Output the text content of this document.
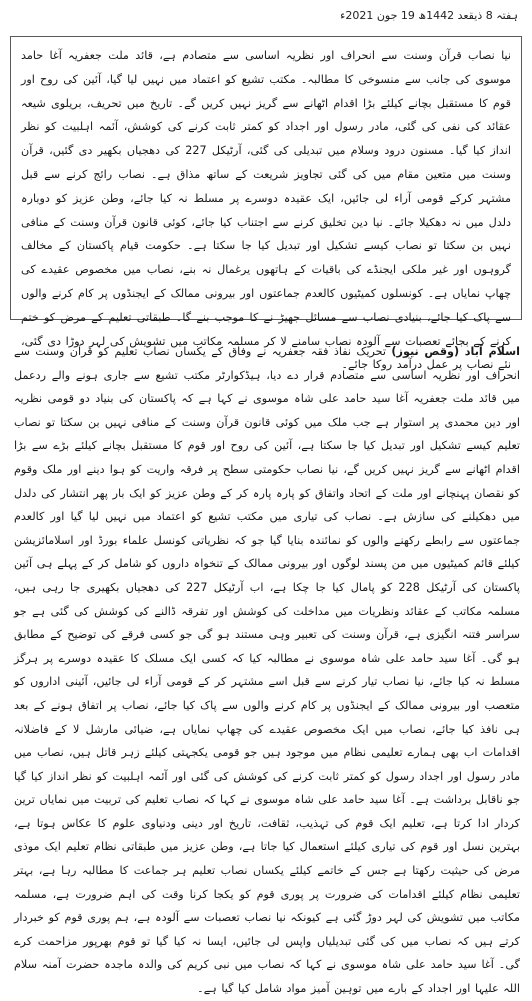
ہفتہ 8 ذیقعد 1442ھ 19 جون 2021ء

نیا نصاب قرآن وسنت سے انحراف اور نظریہ اساسی سے متصادم ہے، قائد ملت جعفریہ آغا حامد موسوی کی جانب سے منسوخی کا مطالبہ۔ مکتب تشیع کو اعتماد میں نہیں لیا گیا، آئین کی روح اور قوم کا مستقبل بچانے کیلئے بڑا اقدام اٹھانے سے گریز نہیں کریں گے۔ تاریخ میں تحریف، بریلوی شیعہ عقائد کی نفی کی گئی، مادر رسول اور اجداد کو کمتر ثابت کرنے کی کوشش، آئمہ اہلبیت کو نظر انداز کیا گیا۔ مسنون درود وسلام میں تبدیلی کی گئی، آرٹیکل 227 کی دھجیاں بکھیر دی گئیں، قرآن وسنت میں متعین مقام میں کی گئی تجاویز شریعت کے ساتھ مذاق ہے۔ نصاب رائج کرنے سے قبل مشتہر کرکے قومی آراء لی جائیں، ایک عقیدہ دوسرے پر مسلط نہ کیا جائے، وطن عزیز کو دوبارہ دلدل میں نہ دھکیلا جائے۔ نیا دین تخلیق کرنے سے اجتناب کیا جائے، کوئی قانون قرآن وسنت کے منافی نہیں بن سکتا تو نصاب کیسے تشکیل اور تبدیل کیا جا سکتا ہے۔ حکومت قیام پاکستان کے مخالف گروہوں اور غیر ملکی ایجنڈے کی باقیات کے ہاتھوں یرغمال نہ بنے، نصاب میں مخصوص عقیدے کی چھاپ نمایاں ہے۔ کونسلوں کمیٹیوں کالعدم جماعتوں اور بیرونی ممالک کے ایجنڈوں پر کام کرنے والوں سے پاک کیا جائے، بنیادی نصاب سے مسائل جھیڑ نے کا موجب بنے گا۔ طبقاتی تعلیم کے مرض کو ختم کرنے کے بجائے تعصبات سے آلودہ نصاب سامنے لا کر مسلمہ مکاتب میں تشویش کی لہر دوڑا دی گئی، نئے نصاب پر عمل درآمد روکا جائے۔

اسلام آباد (وقص نیوز) تحریک نفاذ فقہ جعفریہ نے وفاق کے یکساں نصاب تعلیم کو قرآن وسنت سے انحراف اور نظریہ اساسی سے متصادم قرار دے دیا، ہیڈکوارٹر مکتب تشیع سے جاری ہونے والے ردعمل میں قائد ملت جعفریہ آغا سید حامد علی شاہ موسوی نے کہا ہے کہ پاکستان کی بنیاد دو قومی نظریہ اور دین محمدی پر استوار ہے جب ملک میں کوئی قانون قرآن وسنت کے منافی نہیں بن سکتا تو نصاب تعلیم کیسے تشکیل اور تبدیل کیا جا سکتا ہے، آئین کی روح اور قوم کا مستقبل بچانے کیلئے بڑے سے بڑا اقدام اٹھانے سے گریز نہیں کریں گے، نیا نصاب حکومتی سطح پر فرقہ واریت کو ہوا دینے اور ملک وقوم کو نقصان پہنچانے اور ملت کے اتحاد واتفاق کو پارہ پارہ کر کے وطن عزیز کو ایک بار پھر انتشار کی دلدل میں دھکیلنے کی سازش ہے۔ نصاب کی تیاری میں مکتب تشیع کو اعتماد میں نہیں لیا گیا اور کالعدم جماعتوں سے رابطے رکھنے والوں کو نمائندہ بنایا گیا جو کہ نظریاتی کونسل علماء بورڈ اور اسلامائزیشن کیلئے قائم کمیٹیوں میں من پسند لوگوں اور بیرونی ممالک کے تنخواہ داروں کو شامل کر کے پہلے ہی آئین پاکستان کی آرٹیکل 228 کو پامال کیا جا چکا ہے، اب آرٹیکل 227 کی دھجیاں بکھیری جا رہی ہیں، مسلمہ مکاتب کے عقائد ونظریات میں مداخلت کی کوشش اور تفرقہ ڈالنے کی کوشش کی گئی ہے جو سراسر فتنہ انگیزی ہے، قرآن وسنت کی تعبیر وہی مستند ہو گی جو کسی فرقے کی توضیح کے مطابق ہو گی۔ آغا سید حامد علی شاہ موسوی نے مطالبہ کیا کہ کسی ایک مسلک کا عقیدہ دوسرے پر ہرگز مسلط نہ کیا جائے، نیا نصاب تیار کرنے سے قبل اسے مشتہر کر کے قومی آراء لی جائیں، آئینی اداروں کو متعصب اور بیرونی ممالک کے ایجنڈوں پر کام کرنے والوں سے پاک کیا جائے، نصاب پر اتفاق ہونے کے بعد ہی نافذ کیا جائے، نصاب میں ایک مخصوص عقیدے کی چھاپ نمایاں ہے، ضیائی مارشل لا کے فاضلانہ اقدامات اب بھی ہمارے تعلیمی نظام میں موجود ہیں جو قومی یکجہتی کیلئے زہر قاتل ہیں، نصاب میں مادر رسول اور اجداد رسول کو کمتر ثابت کرنے کی کوشش کی گئی اور آئمہ اہلبیت کو نظر انداز کیا گیا جو ناقابل برداشت ہے۔ آغا سید حامد علی شاہ موسوی نے کہا کہ نصاب تعلیم کی تربیت میں نمایاں ترین کردار ادا کرتا ہے، تعلیم ایک قوم کی تہذیب، ثقافت، تاریخ اور دینی ودنیاوی علوم کا عکاس ہوتا ہے، بہترین نسل اور قوم کی تیاری کیلئے استعمال کیا جاتا ہے، وطن عزیز میں طبقاتی نظام تعلیم ایک موذی مرض کی حیثیت رکھتا ہے جس کے خاتمے کیلئے یکساں نصاب تعلیم ہر جماعت کا مطالبہ رہا ہے، بہتر تعلیمی نظام کیلئے اقدامات کی ضرورت پر پوری قوم کو یکجا کرنا وقت کی اہم ضرورت ہے، مسلمہ مکاتب میں تشویش کی لہر دوڑ گئی ہے کیونکہ نیا نصاب تعصبات سے آلودہ ہے، ہم پوری قوم کو خبردار کرتے ہیں کہ نصاب میں کی گئی تبدیلیاں واپس لی جائیں، ایسا نہ کیا گیا تو قوم بھرپور مزاحمت کرے گی۔ آغا سید حامد علی شاہ موسوی نے کہا کہ نصاب میں نبی کریم کی والدہ ماجدہ حضرت آمنہ سلام اللہ علیہا اور اجداد کے بارے میں توہین آمیز مواد شامل کیا گیا ہے۔
